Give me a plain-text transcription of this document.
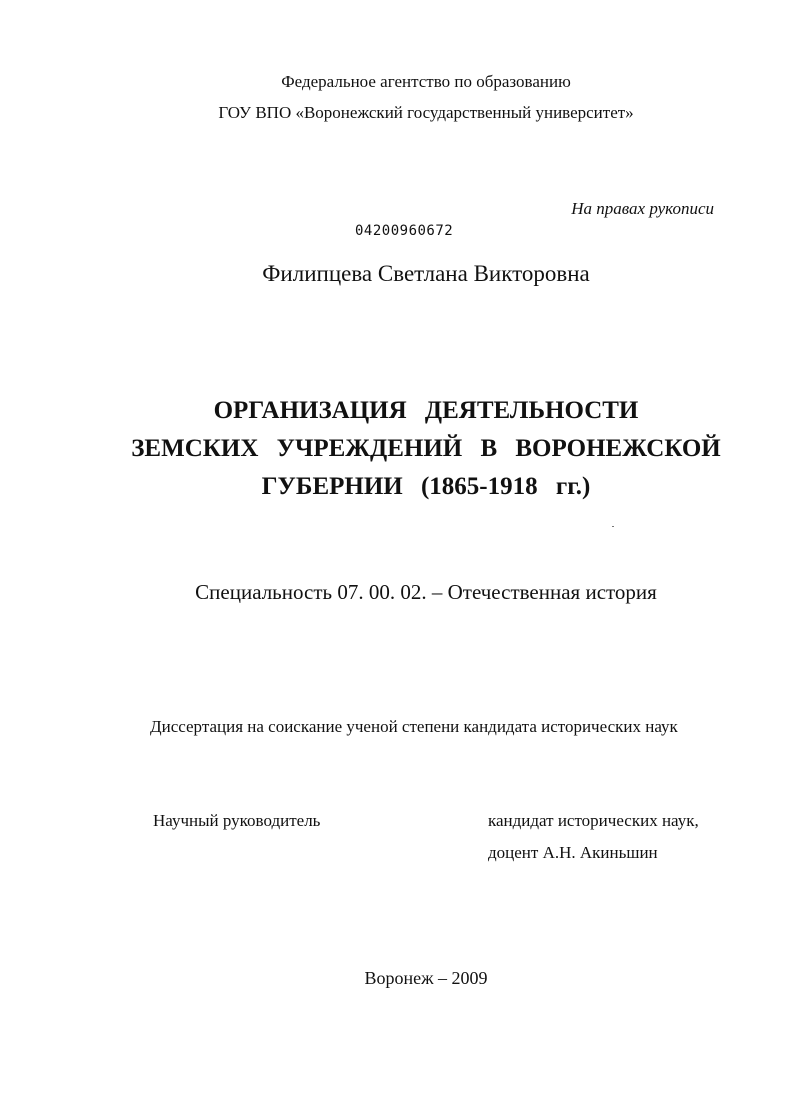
Федеральное агентство по образованию
ГОУ ВПО «Воронежский государственный университет»
На правах рукописи
04200960672
Филипцева Светлана Викторовна
ОРГАНИЗАЦИЯ ДЕЯТЕЛЬНОСТИ
ЗЕМСКИХ УЧРЕЖДЕНИЙ В ВОРОНЕЖСКОЙ
ГУБЕРНИИ (1865-1918 гг.)
Специальность 07. 00. 02. – Отечественная история
Диссертация на соискание ученой степени кандидата исторических наук
Научный руководитель	кандидат исторических наук,
доцент А.Н. Акиньшин
Воронеж – 2009
